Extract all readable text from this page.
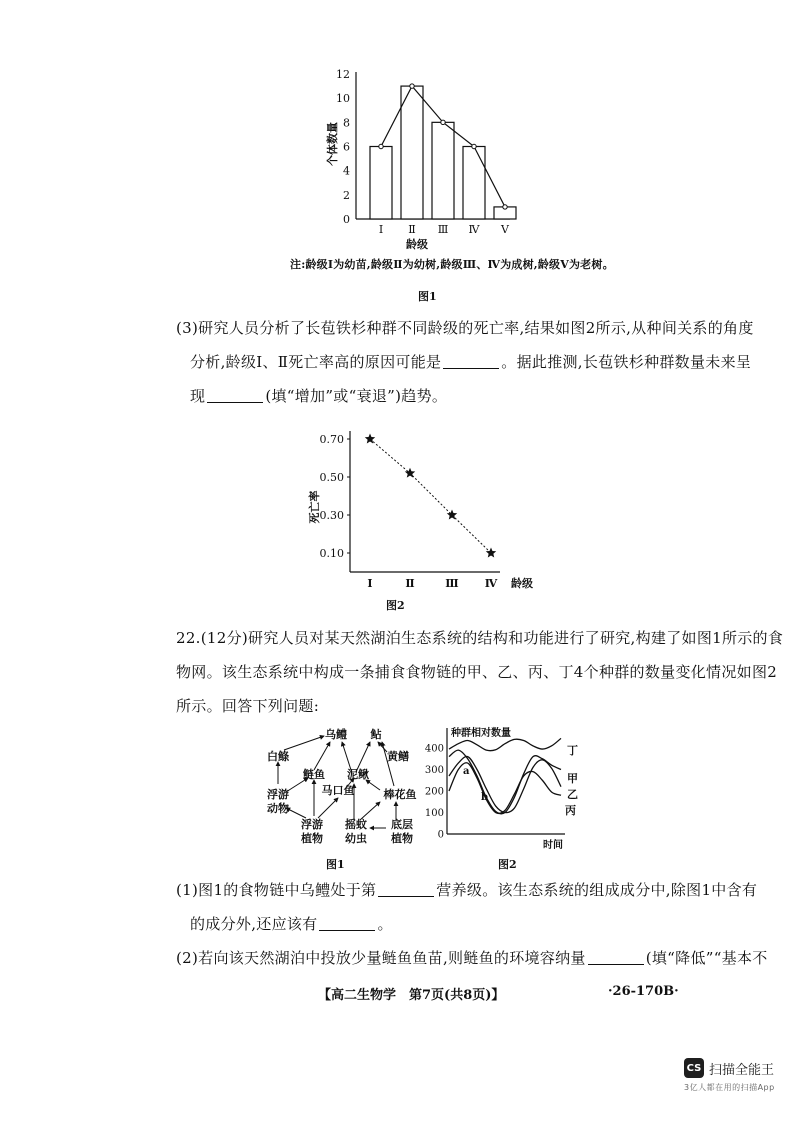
0
2
4
6
8
10
12
Ⅰ Ⅱ Ⅲ Ⅳ Ⅴ
个体数量
龄级
注:龄级Ⅰ为幼苗,龄级Ⅱ为幼树,龄级Ⅲ、Ⅳ为成树,龄级Ⅴ为老树。
图1
(3)研究人员分析了长苞铁杉种群不同龄级的死亡率,结果如图2所示,从种间关系的角度
分析,龄级Ⅰ、Ⅱ死亡率高的原因可能是	。据此推测,长苞铁杉种群数量未来呈
现	(填“增加”或“衰退”)趋势。
0.10
0.30
0.50
0.70
Ⅰ	Ⅱ	Ⅲ Ⅳ
死亡率
龄级
图2
22.(12分)研究人员对某天然湖泊生态系统的结构和功能进行了研究,构建了如图1所示的食
物网。该生态系统中构成一条捕食食物链的甲、乙、丙、丁4个种群的数量变化情况如图2
所示。回答下列问题:
乌鳢 鲇
白鲦	黄鳝
鲢鱼 泥鳅
马口鱼
浮游
动物
棒花鱼
浮游
植物
摇蚊
幼虫
底层
植物
图1
种群相对数量
0
100
200
300
400	丁
甲
乙
丙
a
b
时间
图2
(1)图1的食物链中乌鳢处于第	营养级。该生态系统的组成成分中,除图1中含有
的成分外,还应该有	。
(2)若向该天然湖泊中投放少量鲢鱼鱼苗,则鲢鱼的环境容纳量	(填“降低”“基本不
【高二生物学　第7页(共8页)】	·26-170B·
CS 扫描全能王
3亿人都在用的扫描App
